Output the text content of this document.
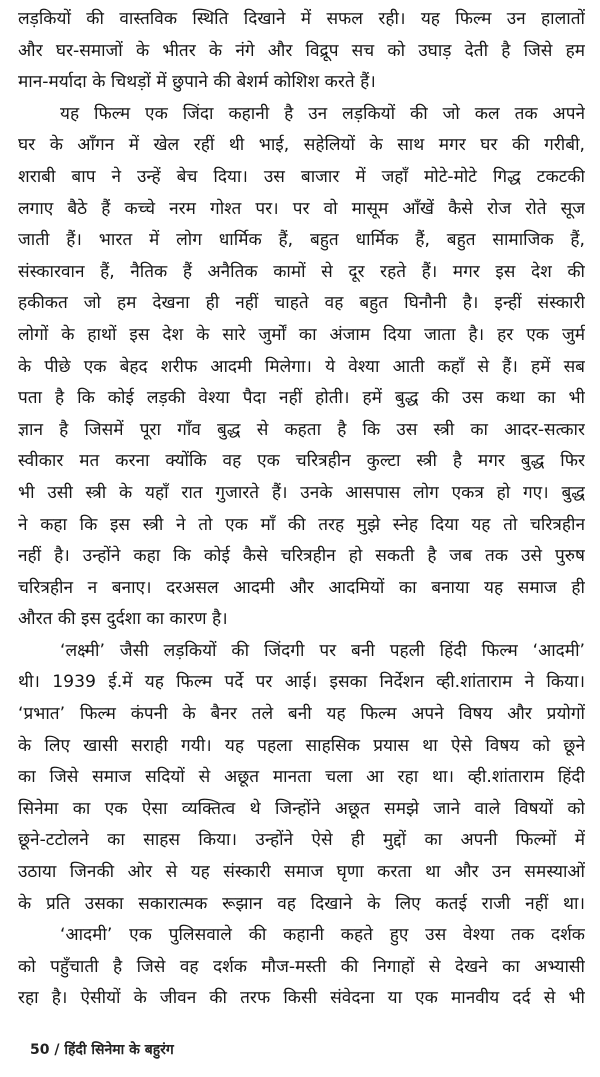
लड़कियों की वास्तविक स्थिति दिखाने में सफल रही। यह फिल्म उन हालातों
और घर-समाजों के भीतर के नंगे और विद्रूप सच को उघाड़ देती है जिसे हम
मान-मर्यादा के चिथड़ों में छुपाने की बेशर्म कोशिश करते हैं।
यह फिल्म एक जिंदा कहानी है उन लड़कियों की जो कल तक अपने
घर के आँगन में खेल रहीं थी भाई, सहेलियों के साथ मगर घर की गरीबी,
शराबी बाप ने उन्हें बेच दिया। उस बाजार में जहाँ मोटे-मोटे गिद्ध टकटकी
लगाए बैठे हैं कच्चे नरम गोश्त पर। पर वो मासूम आँखें कैसे रोज रोते सूज
जाती हैं। भारत में लोग धार्मिक हैं, बहुत धार्मिक हैं, बहुत सामाजिक हैं,
संस्कारवान हैं, नैतिक हैं अनैतिक कामों से दूर रहते हैं। मगर इस देश की
हकीकत जो हम देखना ही नहीं चाहते वह बहुत घिनौनी है। इन्हीं संस्कारी
लोगों के हाथों इस देश के सारे जुर्मों का अंजाम दिया जाता है। हर एक जुर्म
के पीछे एक बेहद शरीफ आदमी मिलेगा। ये वेश्या आती कहाँ से हैं। हमें सब
पता है कि कोई लड़की वेश्या पैदा नहीं होती। हमें बुद्ध की उस कथा का भी
ज्ञान है जिसमें पूरा गाँव बुद्ध से कहता है कि उस स्त्री का आदर-सत्कार
स्वीकार मत करना क्योंकि वह एक चरित्रहीन कुल्टा स्त्री है मगर बुद्ध फिर
भी उसी स्त्री के यहाँ रात गुजारते हैं। उनके आसपास लोग एकत्र हो गए। बुद्ध
ने कहा कि इस स्त्री ने तो एक माँ की तरह मुझे स्नेह दिया यह तो चरित्रहीन
नहीं है। उन्होंने कहा कि कोई कैसे चरित्रहीन हो सकती है जब तक उसे पुरुष
चरित्रहीन न बनाए। दरअसल आदमी और आदमियों का बनाया यह समाज ही
औरत की इस दुर्दशा का कारण है।
‘लक्ष्मी’ जैसी लड़कियों की जिंदगी पर बनी पहली हिंदी फिल्म ‘आदमी’
थी। 1939 ई.में यह फिल्म पर्दे पर आई। इसका निर्देशन व्ही.शांताराम ने किया।
‘प्रभात’ फिल्म कंपनी के बैनर तले बनी यह फिल्म अपने विषय और प्रयोगों
के लिए खासी सराही गयी। यह पहला साहसिक प्रयास था ऐसे विषय को छूने
का जिसे समाज सदियों से अछूत मानता चला आ रहा था। व्ही.शांताराम हिंदी
सिनेमा का एक ऐसा व्यक्तित्व थे जिन्होंने अछूत समझे जाने वाले विषयों को
छूने-टटोलने का साहस किया। उन्होंने ऐसे ही मुद्दों का अपनी फिल्मों में
उठाया जिनकी ओर से यह संस्कारी समाज घृणा करता था और उन समस्याओं
के प्रति उसका सकारात्मक रूझान वह दिखाने के लिए कतई राजी नहीं था।
‘आदमी’ एक पुलिसवाले की कहानी कहते हुए उस वेश्या तक दर्शक
को पहुँचाती है जिसे वह दर्शक मौज-मस्ती की निगाहों से देखने का अभ्यासी
रहा है। ऐसीयों के जीवन की तरफ किसी संवेदना या एक मानवीय दर्द से भी
50 / हिंदी सिनेमा के बहुरंग
